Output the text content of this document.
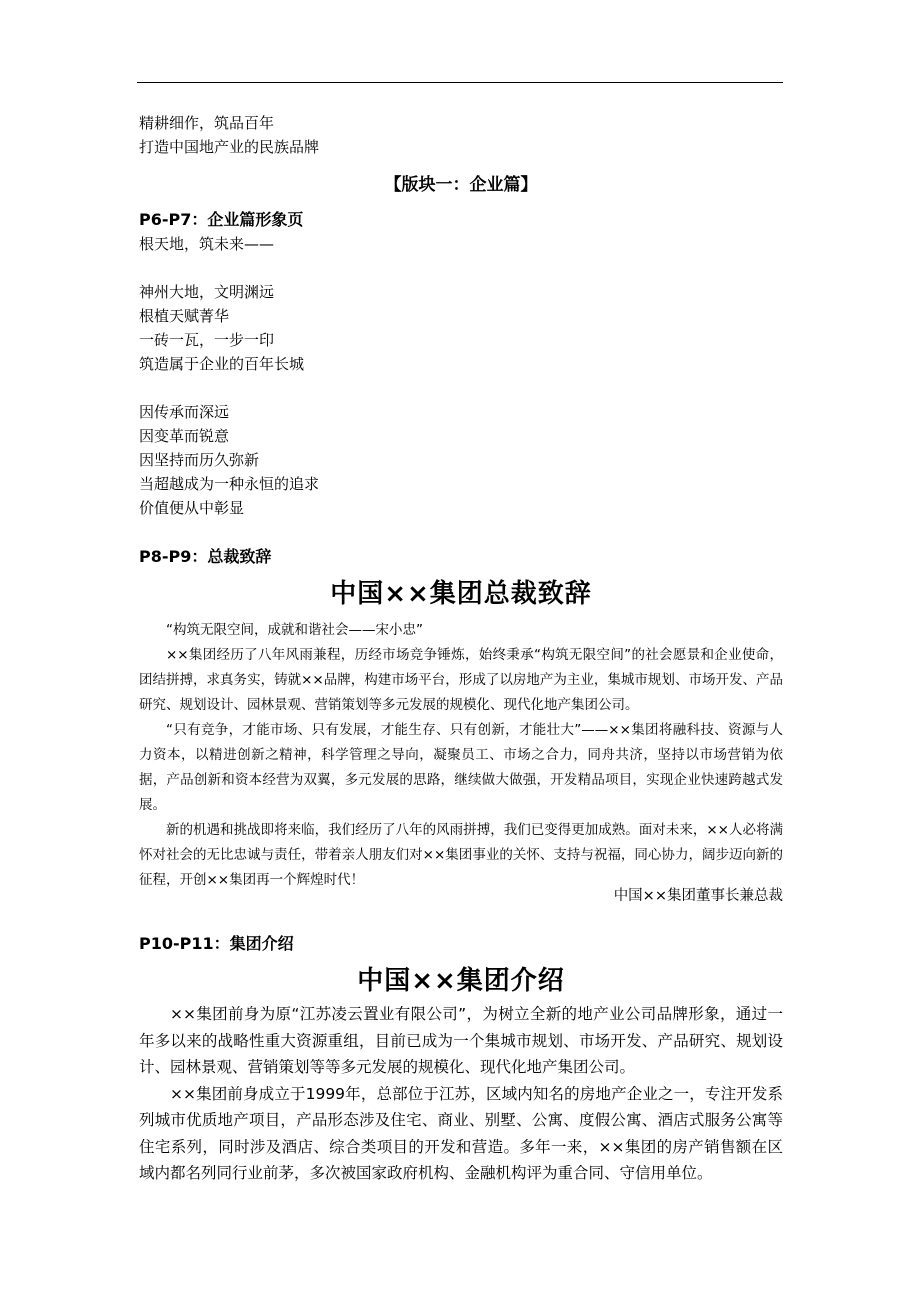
精耕细作，筑品百年

打造中国地产业的民族品牌

【版块一：企业篇】

P6-P7：企业篇形象页

根天地，筑未来——

神州大地，文明渊远

根植天赋菁华

一砖一瓦，一步一印

筑造属于企业的百年长城

因传承而深远

因变革而锐意

因坚持而历久弥新

当超越成为一种永恒的追求

价值便从中彰显

P8-P9：总裁致辞

中国××集团总裁致辞

“构筑无限空间，成就和谐社会——宋小忠”

××集团经历了八年风雨兼程，历经市场竞争锤炼，始终秉承“构筑无限空间”的社会愿景和企业使命，团结拼搏，求真务实，铸就××品牌，构建市场平台，形成了以房地产为主业，集城市规划、市场开发、产品研究、规划设计、园林景观、营销策划等多元发展的规模化、现代化地产集团公司。

“只有竞争，才能市场、只有发展，才能生存、只有创新，才能壮大”——××集团将融科技、资源与人力资本，以精进创新之精神，科学管理之导向，凝聚员工、市场之合力，同舟共济，坚持以市场营销为依据，产品创新和资本经营为双翼，多元发展的思路，继续做大做强，开发精品项目，实现企业快速跨越式发展。

新的机遇和挑战即将来临，我们经历了八年的风雨拼搏，我们已变得更加成熟。面对未来，××人必将满怀对社会的无比忠诚与责任，带着亲人朋友们对××集团事业的关怀、支持与祝福，同心协力，阔步迈向新的征程，开创××集团再一个辉煌时代！

中国××集团董事长兼总裁

P10-P11：集团介绍

中国××集团介绍

××集团前身为原“江苏凌云置业有限公司”，为树立全新的地产业公司品牌形象，通过一年多以来的战略性重大资源重组，目前已成为一个集城市规划、市场开发、产品研究、规划设计、园林景观、营销策划等等多元发展的规模化、现代化地产集团公司。

××集团前身成立于1999年，总部位于江苏，区域内知名的房地产企业之一，专注开发系列城市优质地产项目，产品形态涉及住宅、商业、别墅、公寓、度假公寓、酒店式服务公寓等住宅系列，同时涉及酒店、综合类项目的开发和营造。多年一来，××集团的房产销售额在区域内都名列同行业前茅，多次被国家政府机构、金融机构评为重合同、守信用单位。
